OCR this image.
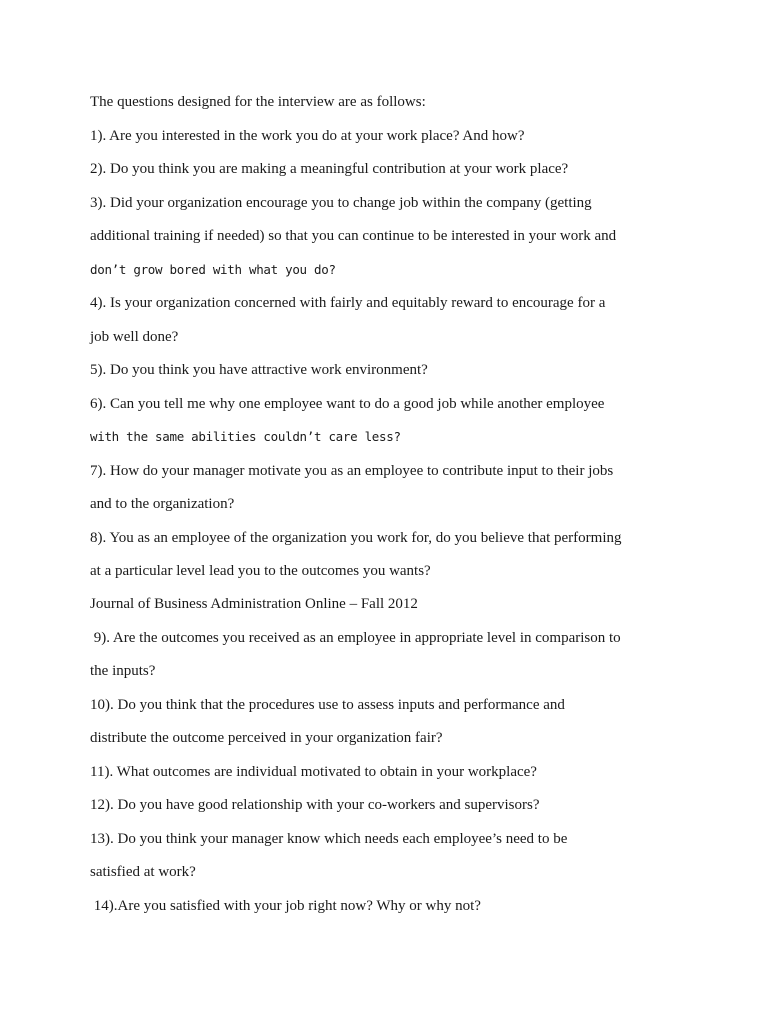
The questions designed for the interview are as follows:
1). Are you interested in the work you do at your work place? And how?
2). Do you think you are making a meaningful contribution at your work place?
3). Did your organization encourage you to change job within the company (getting
additional training if needed) so that you can continue to be interested in your work and
don’t grow bored with what you do?
4). Is your organization concerned with fairly and equitably reward to encourage for a
job well done?
5). Do you think you have attractive work environment?
6). Can you tell me why one employee want to do a good job while another employee
with the same abilities couldn’t care less?
7). How do your manager motivate you as an employee to contribute input to their jobs
and to the organization?
8). You as an employee of the organization you work for, do you believe that performing
at a particular level lead you to the outcomes you wants?
Journal of Business Administration Online – Fall 2012
9). Are the outcomes you received as an employee in appropriate level in comparison to
the inputs?
10). Do you think that the procedures use to assess inputs and performance and
distribute the outcome perceived in your organization fair?
11). What outcomes are individual motivated to obtain in your workplace?
12). Do you have good relationship with your co-workers and supervisors?
13). Do you think your manager know which needs each employee’s need to be
satisfied at work?
14).Are you satisfied with your job right now? Why or why not?
